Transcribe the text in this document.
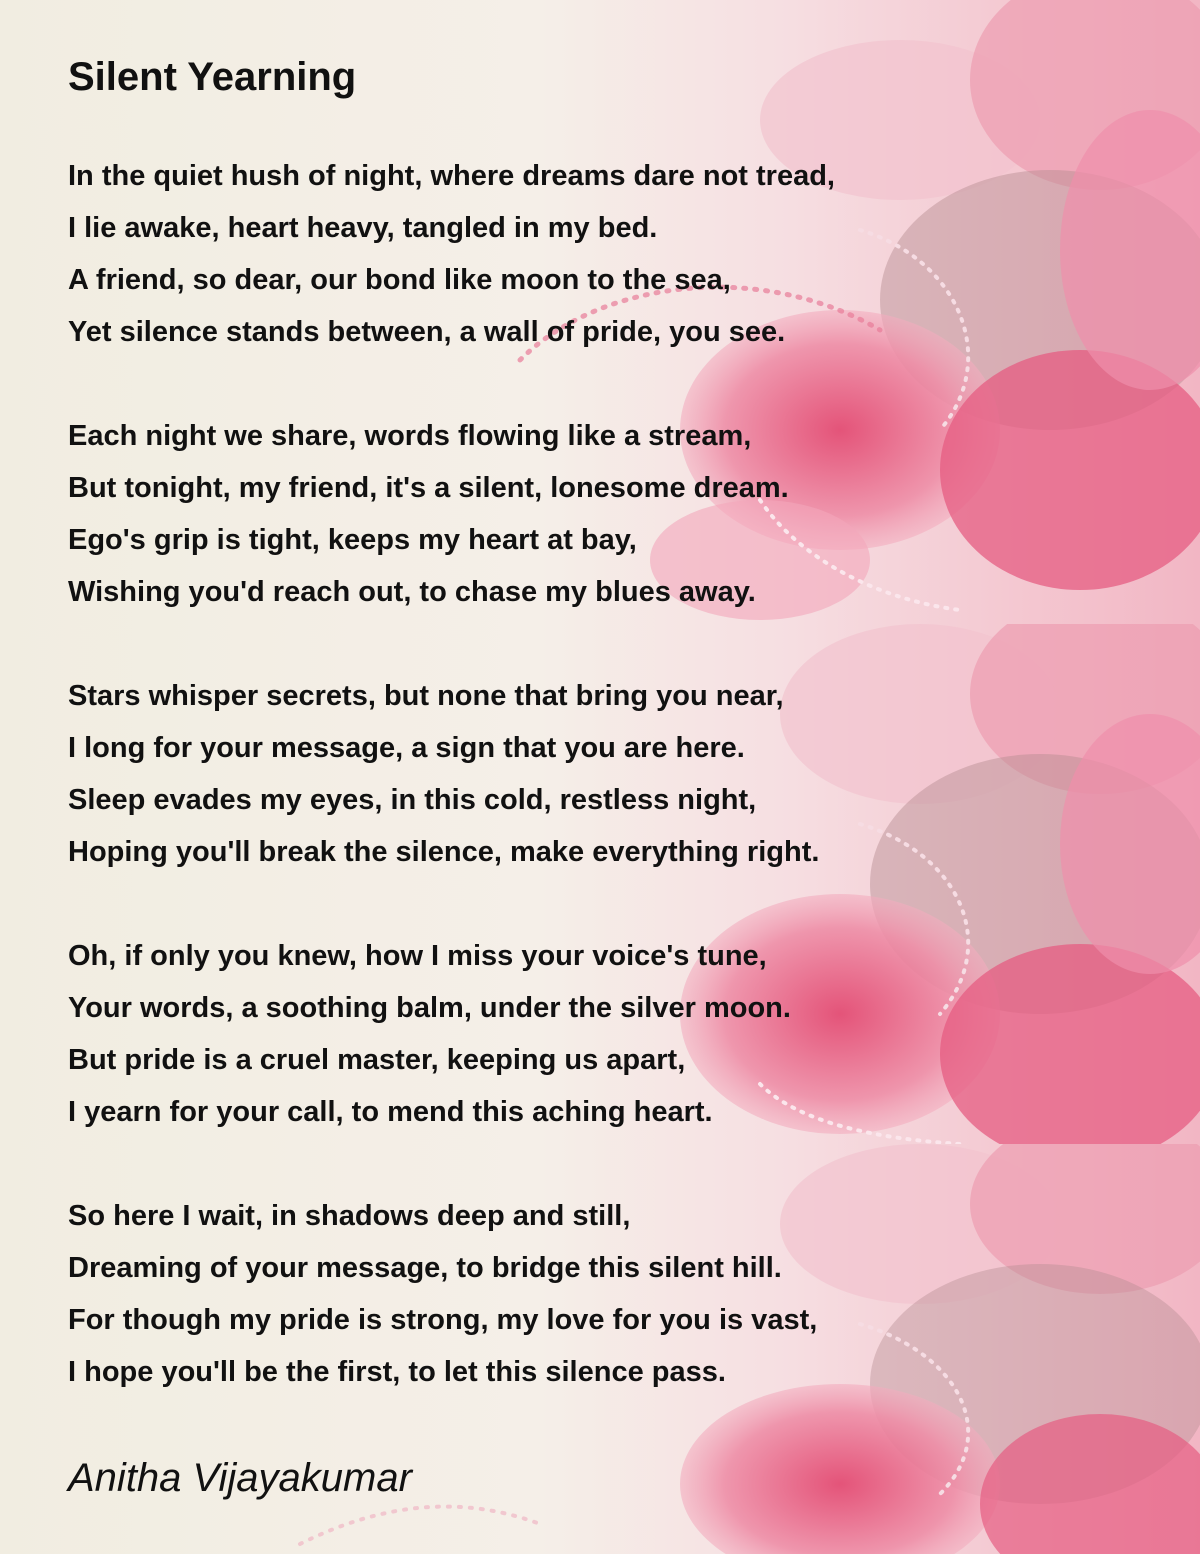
Silent Yearning
In the quiet hush of night, where dreams dare not tread,
I lie awake, heart heavy, tangled in my bed.
A friend, so dear, our bond like moon to the sea,
Yet silence stands between, a wall of pride, you see.
Each night we share, words flowing like a stream,
But tonight, my friend, it's a silent, lonesome dream.
Ego's grip is tight, keeps my heart at bay,
Wishing you'd reach out, to chase my blues away.
Stars whisper secrets, but none that bring you near,
I long for your message, a sign that you are here.
Sleep evades my eyes, in this cold, restless night,
Hoping you'll break the silence, make everything right.
Oh, if only you knew, how I miss your voice's tune,
Your words, a soothing balm, under the silver moon.
But pride is a cruel master, keeping us apart,
I yearn for your call, to mend this aching heart.
So here I wait, in shadows deep and still,
Dreaming of your message, to bridge this silent hill.
For though my pride is strong, my love for you is vast,
I hope you'll be the first, to let this silence pass.

Anitha Vijayakumar
